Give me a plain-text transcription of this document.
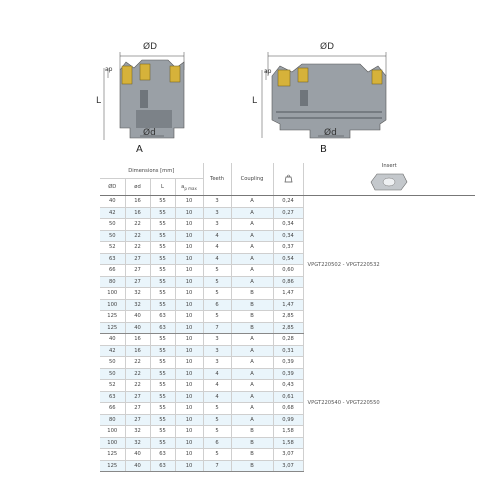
ØD
Ød
L
ap
A
ØD
Ød
L
ap
B
Dimensions [mm]				Teeth	Coupling		Insert

ØD	ød	L	$a_{p max}$
40	16	55	10	3	A	0,24	VPGT220502 - VPGT220532
42	16	55	10	3	A	0,27	
50	22	55	10	3	A	0,34	
50	22	55	10	4	A	0,34	
52	22	55	10	4	A	0,37	
63	27	55	10	4	A	0,54	
66	27	55	10	5	A	0,60	
80	27	55	10	5	A	0,86	
100	32	55	10	5	B	1,47	
100	32	55	10	6	B	1,47	
125	40	63	10	5	B	2,85	
125	40	63	10	7	B	2,85	
40	16	55	10	3	A	0,28	VPGT220540 - VPGT220550
42	16	55	10	3	A	0,31	
50	22	55	10	3	A	0,39	
50	22	55	10	4	A	0,39	
52	22	55	10	4	A	0,43	
63	27	55	10	4	A	0,61	
66	27	55	10	5	A	0,68	
80	27	55	10	5	A	0,99	
100	32	55	10	5	B	1,58	
100	32	55	10	6	B	1,58	
125	40	63	10	5	B	3,07	
125	40	63	10	7	B	3,07	
